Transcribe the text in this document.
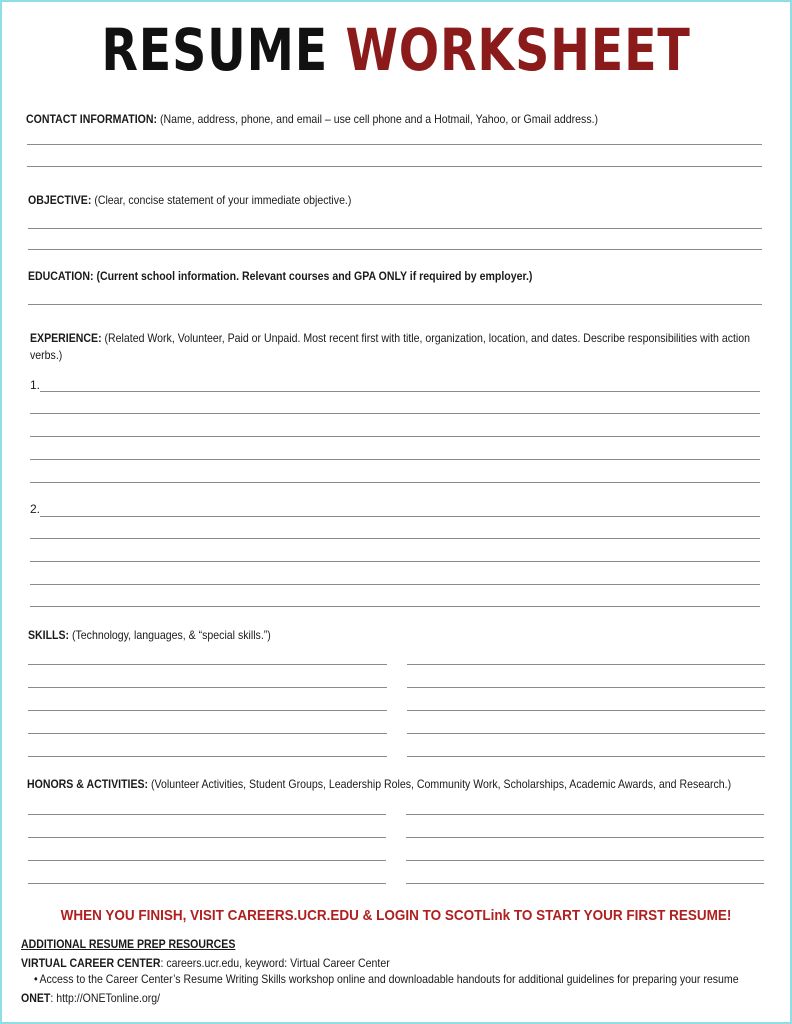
RESUME WORKSHEET
CONTACT INFORMATION: (Name, address, phone, and email – use cell phone and a Hotmail, Yahoo, or Gmail address.)
OBJECTIVE: (Clear, concise statement of your immediate objective.)
EDUCATION: (Current school information. Relevant courses and GPA ONLY if required by employer.)
EXPERIENCE: (Related Work, Volunteer, Paid or Unpaid. Most recent first with title, organization, location, and dates. Describe responsibilities with action verbs.)
1.
2.
SKILLS: (Technology, languages, & “special skills.”)
HONORS & ACTIVITIES: (Volunteer Activities, Student Groups, Leadership Roles, Community Work, Scholarships, Academic Awards, and Research.)
WHEN YOU FINISH, VISIT CAREERS.UCR.EDU & LOGIN TO SCOTLink TO START YOUR FIRST RESUME!
ADDITIONAL RESUME PREP RESOURCES
VIRTUAL CAREER CENTER: careers.ucr.edu, keyword: Virtual Career Center
• Access to the Career Center’s Resume Writing Skills workshop online and downloadable handouts for additional guidelines for preparing your resume
ONET: http://ONETonline.org/
